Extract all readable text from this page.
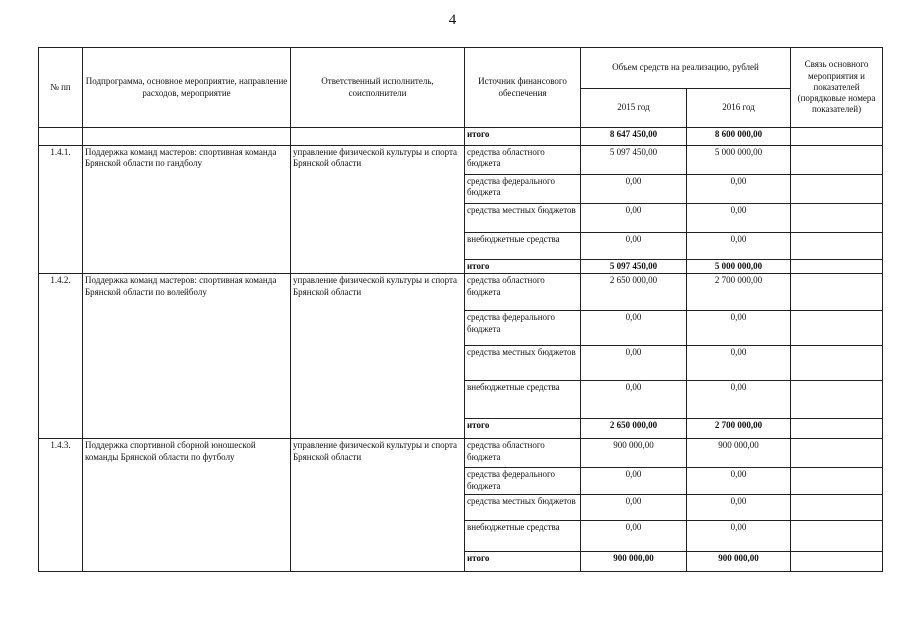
4
№ пп	Подпрограмма, основное мероприятие, направление расходов, мероприятие	Ответственный исполнитель, соисполнители	Источник финансового обеспечения	Объем средств на реализацию, рублей		Связь основного мероприятия и показателей (порядковые номера показателей)
				2015 год	2016 год	
			итого	8 647 450,00	8 600 000,00	
1.4.1.	Поддержка команд мастеров: спортивная команда Брянской области по гандболу	управление физической культуры и спорта Брянской области	средства областного бюджета	5 097 450,00	5 000 000,00	
			средства федерального бюджета	0,00	0,00	
			средства местных бюджетов	0,00	0,00	
			внебюджетные средства	0,00	0,00	
			итого	5 097 450,00	5 000 000,00	
1.4.2.	Поддержка команд мастеров: спортивная команда Брянской области по волейболу	управление физической культуры и спорта Брянской области	средства областного бюджета	2 650 000,00	2 700 000,00	
			средства федерального бюджета	0,00	0,00	
			средства местных бюджетов	0,00	0,00	
			внебюджетные средства	0,00	0,00	
			итого	2 650 000,00	2 700 000,00	
1.4.3.	Поддержка спортивной сборной юношеской команды Брянской области по футболу	управление физической культуры и спорта Брянской области	средства областного бюджета	900 000,00	900 000,00	
			средства федерального бюджета	0,00	0,00	
			средства местных бюджетов	0,00	0,00	
			внебюджетные средства	0,00	0,00	
			итого	900 000,00	900 000,00	
